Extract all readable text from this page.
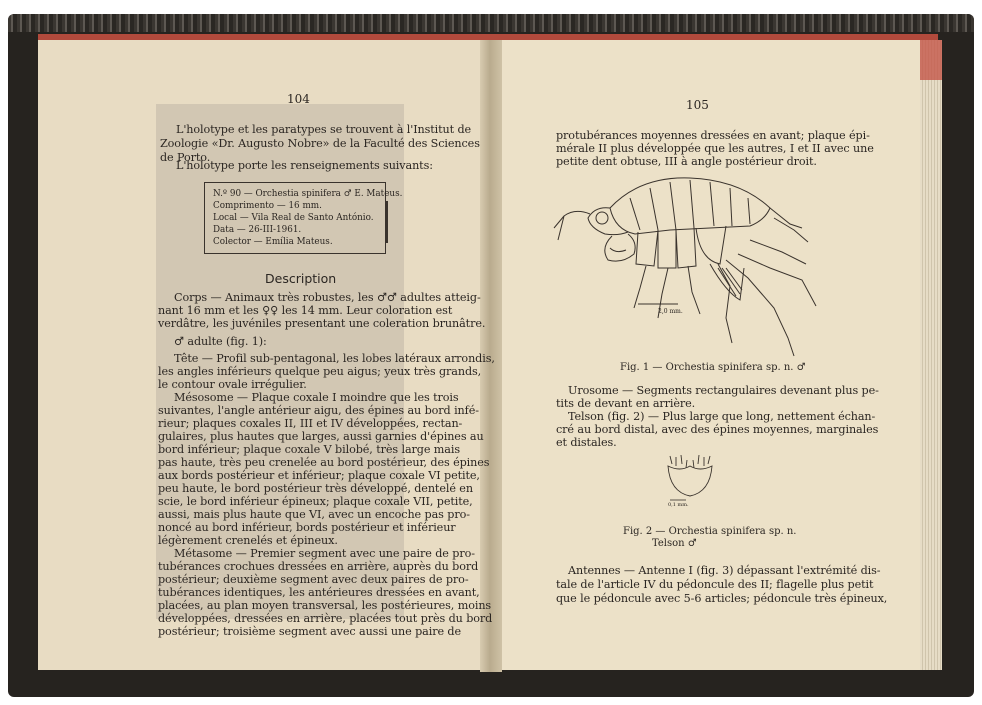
104
L'holotype et les paratypes se trouvent à l'Institut de
Zoologie «Dr. Augusto Nobre» de la Faculté des Sciences
de Porto.
L'holotype porte les renseignements suivants:
N.º 90 — Orchestia spinifera ♂ E. Mateus.
Comprimento — 16 mm.
Local — Vila Real de Santo António.
Data — 26-III-1961.
Colector — Emília Mateus.
Description
Corps — Animaux très robustes, les ♂♂ adultes atteig-
nant 16 mm et les ♀♀ les 14 mm. Leur coloration est
verdâtre, les juvéniles presentant une coleration brunâtre.
♂ adulte (fig. 1):
Tête — Profil sub-pentagonal, les lobes latéraux arrondis,
les angles inférieurs quelque peu aigus; yeux très grands,
le contour ovale irrégulier.
Mésosome — Plaque coxale I moindre que les trois
suivantes, l'angle antérieur aigu, des épines au bord infé-
rieur; plaques coxales II, III et IV développées, rectan-
gulaires, plus hautes que larges, aussi garnies d'épines au
bord inférieur; plaque coxale V bilobé, très large mais
pas haute, très peu crenelée au bord postérieur, des épines
aux bords postérieur et inférieur; plaque coxale VI petite,
peu haute, le bord postérieur très développé, dentelé en
scie, le bord inférieur épineux; plaque coxale VII, petite,
aussi, mais plus haute que VI, avec un encoche pas pro-
noncé au bord inférieur, bords postérieur et inférieur
légèrement crenelés et épineux.
Métasome — Premier segment avec une paire de pro-
tubérances crochues dressées en arrière, auprès du bord
postérieur; deuxième segment avec deux paires de pro-
tubérances identiques, les antérieures dressées en avant,
placées, au plan moyen transversal, les postérieures, moins
développées, dressées en arrière, placées tout près du bord
postérieur; troisième segment avec aussi une paire de
105
protubérances moyennes dressées en avant; plaque épi-
mérale II plus développée que les autres, I et II avec une
petite dent obtuse, III à angle postérieur droit.
2,0 mm.
Fig. 1 — Orchestia spinifera sp. n. ♂
Urosome — Segments rectangulaires devenant plus pe-
tits de devant en arrière.
Telson (fig. 2) — Plus large que long, nettement échan-
cré au bord distal, avec des épines moyennes, marginales
et distales.
0,1 mm.
Fig. 2 — Orchestia spinifera sp. n.
Telson ♂
Antennes — Antenne I (fig. 3) dépassant l'extrémité dis-
tale de l'article IV du pédoncule des II; flagelle plus petit
que le pédoncule avec 5-6 articles; pédoncule très épineux,
